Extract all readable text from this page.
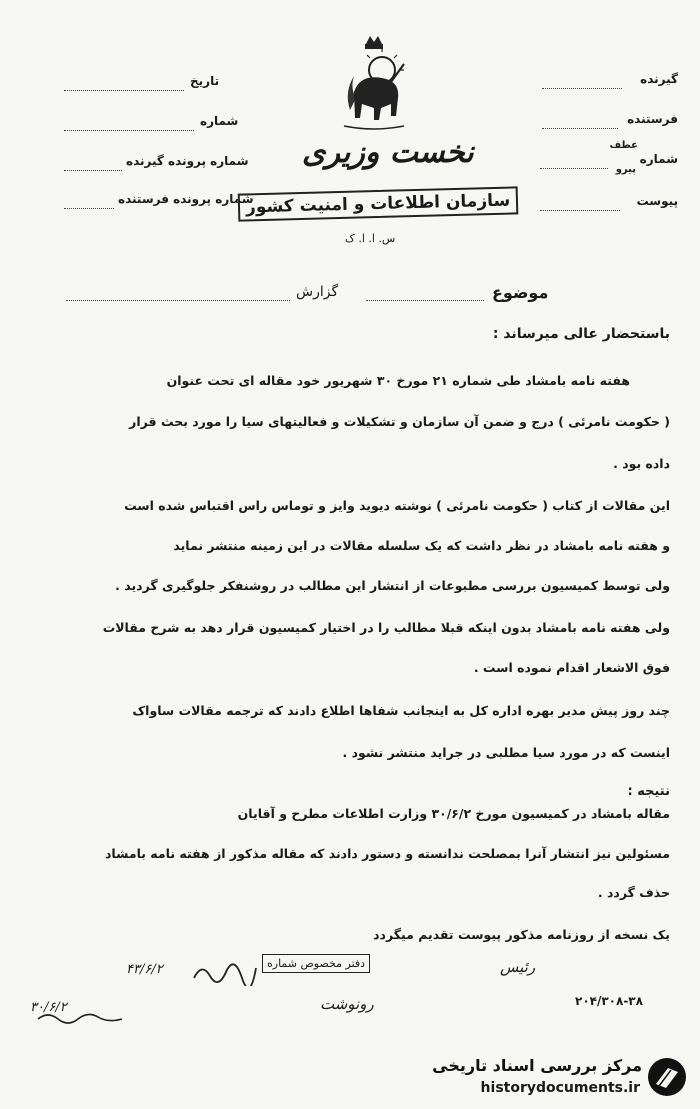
گیرنده
فرستنده
شماره
عطف
پیرو
پیوست
تاریخ
شماره
شماره پرونده گیرنده
شماره پرونده فرستنده
نخست وزیری
سازمان اطلاعات و امنیت کشور
س. ا. ا. ک
موضوع
گزارش
باستحضار عالی میرساند :
هفته نامه بامشاد طی شماره ۲۱ مورخ ۳۰ شهریور خود مقاله ای تحت عنوان
( حکومت نامرئی ) درج و ضمن آن سازمان و تشکیلات و فعالیتهای سیا را مورد بحث قرار
داده بود .
این مقالات از کتاب ( حکومت نامرئی ) نوشته دیوید وایز و توماس راس اقتباس شده است
و هفته نامه بامشاد در نظر داشت که یک سلسله مقالات در این زمینه منتشر نماید
ولی توسط کمیسیون بررسی مطبوعات از انتشار این مطالب در روشنفکر جلوگیری گردید .
ولی هفته نامه بامشاد بدون اینکه قبلا مطالب را در اختیار کمیسیون قرار دهد به شرح مقالات
فوق الاشعار اقدام نموده است .
چند روز پیش مدیر بهره اداره کل به اینجانب شفاها اطلاع دادند که ترجمه مقالات ساواک
اینست که در مورد سیا مطلبی در جراید منتشر نشود .
نتیجه :
مقاله بامشاد در کمیسیون مورخ ۳۰/۶/۲ وزارت اطلاعات مطرح و آقایان
مسئولین نیز انتشار آنرا بمصلحت ندانسته و دستور دادند که مقاله مذکور از هفته نامه بامشاد
حذف گردد .
یک نسخه از روزنامه مذکور پیوست تقدیم میگردد
۴۳/۶/۲
۳۰/۶/۲
دفتر مخصوص شماره
رونوشت
رئیس
۲۰۴/۳۰۸-۳۸
مرکز بررسی اسناد تاریخی
historydocuments.ir
